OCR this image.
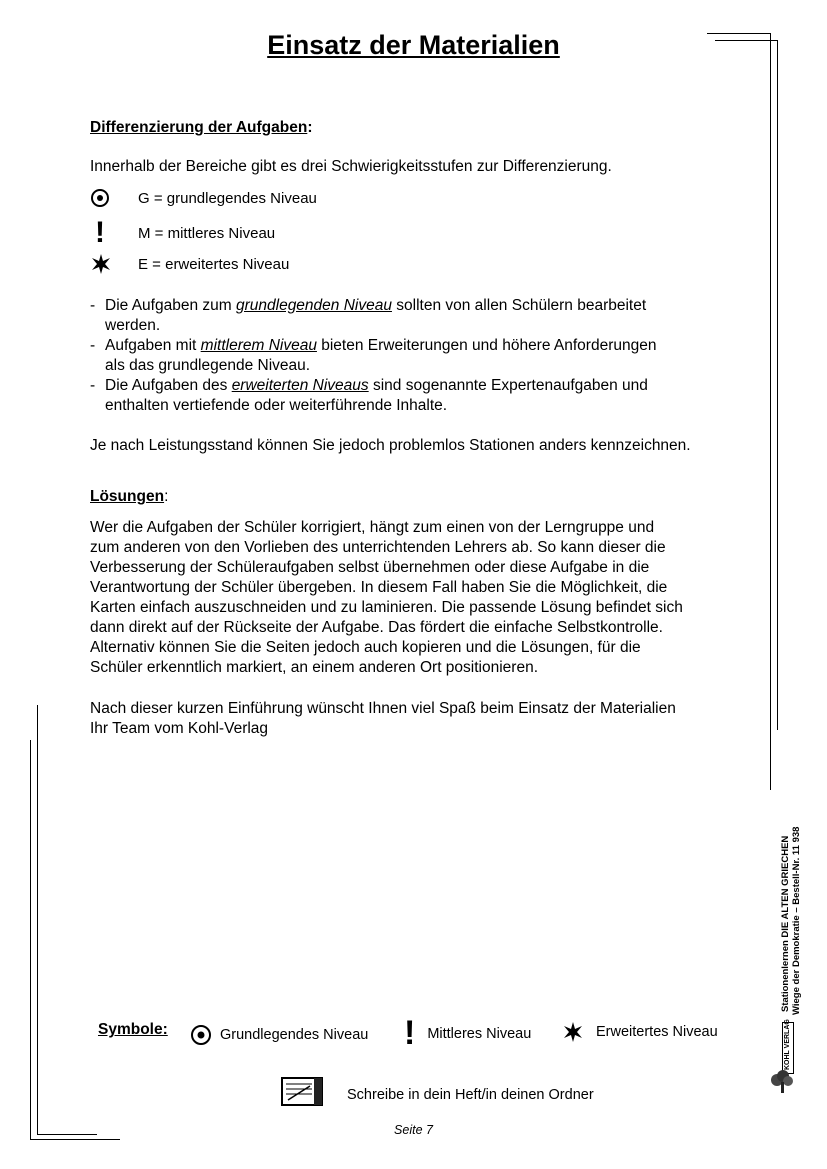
Einsatz der Materialien
Differenzierung der Aufgaben:
Innerhalb der Bereiche gibt es drei Schwierigkeitsstufen zur Differenzierung.
G = grundlegendes Niveau
!	M = mittleres Niveau
E = erweitertes Niveau
- Die Aufgaben zum grundlegenden Niveau sollten von allen Schülern bearbeitet
werden.
- Aufgaben mit mittlerem Niveau bieten Erweiterungen und höhere Anforderungen
als das grundlegende Niveau.
- Die Aufgaben des erweiterten Niveaus sind sogenannte Expertenaufgaben und
enthalten vertiefende oder weiterführende Inhalte.
Je nach Leistungsstand können Sie jedoch problemlos Stationen anders kennzeichnen.
Lösungen:
Wer die Aufgaben der Schüler korrigiert, hängt zum einen von der Lerngruppe und
zum anderen von den Vorlieben des unterrichtenden Lehrers ab. So kann dieser die
Verbesserung der Schüleraufgaben selbst übernehmen oder diese Aufgabe in die
Verantwortung der Schüler übergeben. In diesem Fall haben Sie die Möglichkeit, die
Karten einfach auszuschneiden und zu laminieren. Die passende Lösung befindet sich
dann direkt auf der Rückseite der Aufgabe. Das fördert die einfache Selbstkontrolle.
Alternativ können Sie die Seiten jedoch auch kopieren und die Lösungen, für die
Schüler erkenntlich markiert, an einem anderen Ort positionieren.
Nach dieser kurzen Einführung wünscht Ihnen viel Spaß beim Einsatz der Materialien
Ihr Team vom Kohl-Verlag
Stationenlernen DIE ALTEN GRIECHEN Wiege der Demokratie – Bestell-Nr. 11 938
KOHL VERLAG
Symbole:	Grundlegendes Niveau ! Mittleres Niveau	Erweitertes Niveau
Schreibe in dein Heft/in deinen Ordner
Seite 7
